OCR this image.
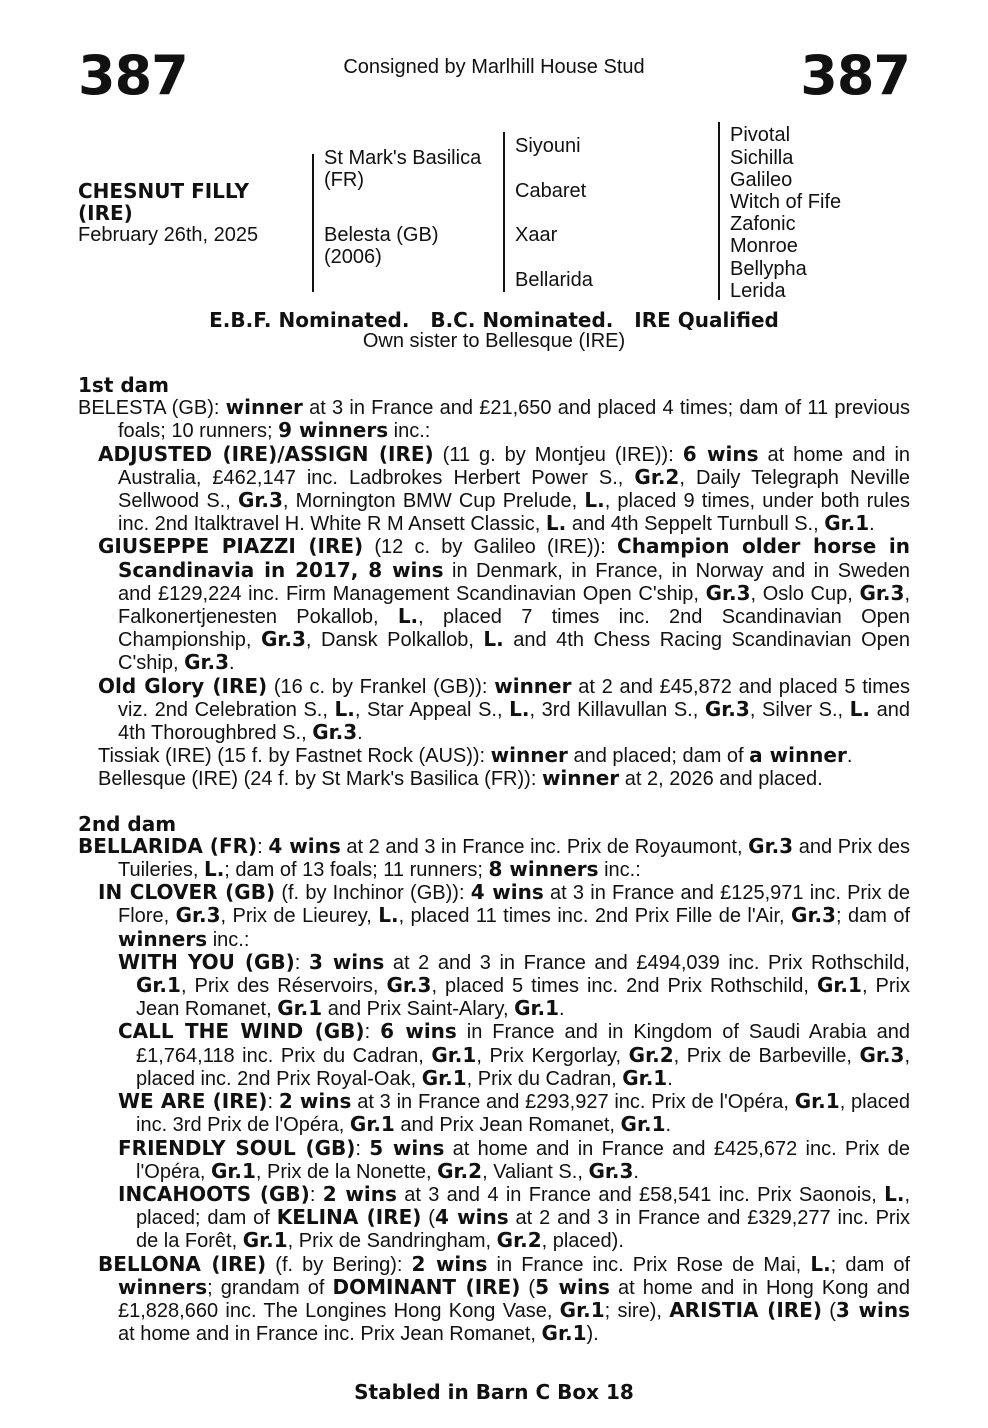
387	Consigned by Marlhill House Stud	387
CHESNUT FILLY (IRE)
February 26th, 2025
St Mark's Basilica (FR)
Belesta (GB)
(2006)
Siyouni
Cabaret
Xaar
Bellarida
Pivotal
Sichilla
Galileo
Witch of Fife
Zafonic
Monroe
Bellypha
Lerida
E.B.F. Nominated.   B.C. Nominated.   IRE Qualified
Own sister to Bellesque (IRE)
1st dam
BELESTA (GB): winner at 3 in France and £21,650 and placed 4 times; dam of 11 previous foals; 10 runners; 9 winners inc.:
ADJUSTED (IRE)/ASSIGN (IRE) (11 g. by Montjeu (IRE)): 6 wins at home and in Australia, £462,147 inc. Ladbrokes Herbert Power S., Gr.2, Daily Telegraph Neville Sellwood S., Gr.3, Mornington BMW Cup Prelude, L., placed 9 times, under both rules inc. 2nd Italktravel H. White R M Ansett Classic, L. and 4th Seppelt Turnbull S., Gr.1.
GIUSEPPE PIAZZI (IRE) (12 c. by Galileo (IRE)): Champion older horse in Scandinavia in 2017, 8 wins in Denmark, in France, in Norway and in Sweden and £129,224 inc. Firm Management Scandinavian Open C'ship, Gr.3, Oslo Cup, Gr.3, Falkonertjenesten Pokallob, L., placed 7 times inc. 2nd Scandinavian Open Championship, Gr.3, Dansk Polkallob, L. and 4th Chess Racing Scandinavian Open C'ship, Gr.3.
Old Glory (IRE) (16 c. by Frankel (GB)): winner at 2 and £45,872 and placed 5 times viz. 2nd Celebration S., L., Star Appeal S., L., 3rd Killavullan S., Gr.3, Silver S., L. and 4th Thoroughbred S., Gr.3.
Tissiak (IRE) (15 f. by Fastnet Rock (AUS)): winner and placed; dam of a winner.
Bellesque (IRE) (24 f. by St Mark's Basilica (FR)): winner at 2, 2026 and placed.
2nd dam
BELLARIDA (FR): 4 wins at 2 and 3 in France inc. Prix de Royaumont, Gr.3 and Prix des Tuileries, L.; dam of 13 foals; 11 runners; 8 winners inc.:
IN CLOVER (GB) (f. by Inchinor (GB)): 4 wins at 3 in France and £125,971 inc. Prix de Flore, Gr.3, Prix de Lieurey, L., placed 11 times inc. 2nd Prix Fille de l'Air, Gr.3; dam of winners inc.:
WITH YOU (GB): 3 wins at 2 and 3 in France and £494,039 inc. Prix Rothschild, Gr.1, Prix des Réservoirs, Gr.3, placed 5 times inc. 2nd Prix Rothschild, Gr.1, Prix Jean Romanet, Gr.1 and Prix Saint-Alary, Gr.1.
CALL THE WIND (GB): 6 wins in France and in Kingdom of Saudi Arabia and £1,764,118 inc. Prix du Cadran, Gr.1, Prix Kergorlay, Gr.2, Prix de Barbeville, Gr.3, placed inc. 2nd Prix Royal-Oak, Gr.1, Prix du Cadran, Gr.1.
WE ARE (IRE): 2 wins at 3 in France and £293,927 inc. Prix de l'Opéra, Gr.1, placed inc. 3rd Prix de l'Opéra, Gr.1 and Prix Jean Romanet, Gr.1.
FRIENDLY SOUL (GB): 5 wins at home and in France and £425,672 inc. Prix de l'Opéra, Gr.1, Prix de la Nonette, Gr.2, Valiant S., Gr.3.
INCAHOOTS (GB): 2 wins at 3 and 4 in France and £58,541 inc. Prix Saonois, L., placed; dam of KELINA (IRE) (4 wins at 2 and 3 in France and £329,277 inc. Prix de la Forêt, Gr.1, Prix de Sandringham, Gr.2, placed).
BELLONA (IRE) (f. by Bering): 2 wins in France inc. Prix Rose de Mai, L.; dam of winners; grandam of DOMINANT (IRE) (5 wins at home and in Hong Kong and £1,828,660 inc. The Longines Hong Kong Vase, Gr.1; sire), ARISTIA (IRE) (3 wins at home and in France inc. Prix Jean Romanet, Gr.1).
Stabled in Barn C Box 18
